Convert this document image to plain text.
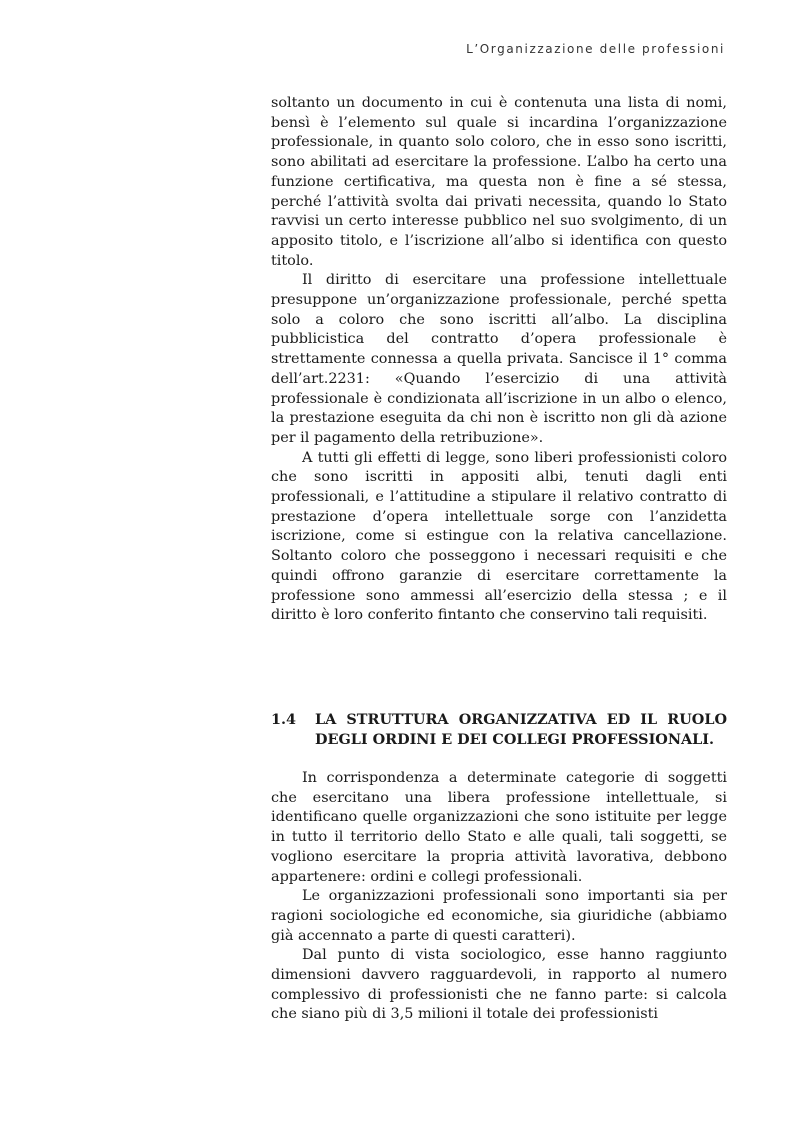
L’Organizzazione delle professioni

soltanto un documento in cui è contenuta una lista di nomi, bensì è l’elemento sul quale si incardina l’organizzazione professionale, in quanto solo coloro, che in esso sono iscritti, sono abilitati ad esercitare la professione. L’albo ha certo una funzione certificativa, ma questa non è fine a sé stessa, perché l’attività svolta dai privati necessita, quando lo Stato ravvisi un certo interesse pubblico nel suo svolgimento, di un apposito titolo, e l’iscrizione all’albo si identifica con questo titolo.

Il diritto di esercitare una professione intellettuale presuppone un’organizzazione professionale, perché spetta solo a coloro che sono iscritti all’albo. La disciplina pubblicistica del contratto d’opera professionale è strettamente connessa a quella privata. Sancisce il 1° comma dell’art.2231: «Quando l’esercizio di una attività professionale è condizionata all’iscrizione in un albo o elenco, la prestazione eseguita da chi non è iscritto non gli dà azione per il pagamento della retribuzione».

A tutti gli effetti di legge, sono liberi professionisti coloro che sono iscritti in appositi albi, tenuti dagli enti professionali, e l’attitudine a stipulare il relativo contratto di prestazione d’opera intellettuale sorge con l’anzidetta iscrizione, come si estingue con la relativa cancellazione. Soltanto coloro che posseggono i necessari requisiti e che quindi offrono garanzie di esercitare correttamente la professione sono ammessi all’esercizio della stessa ; e il diritto è loro conferito fintanto che conservino tali requisiti.

1.4 LA STRUTTURA ORGANIZZATIVA ED IL RUOLO DEGLI ORDINI E DEI COLLEGI PROFESSIONALI.

In corrispondenza a determinate categorie di soggetti che esercitano una libera professione intellettuale, si identificano quelle organizzazioni che sono istituite per legge in tutto il territorio dello Stato e alle quali, tali soggetti, se vogliono esercitare la propria attività lavorativa, debbono appartenere: ordini e collegi professionali.

Le organizzazioni professionali sono importanti sia per ragioni sociologiche ed economiche, sia giuridiche (abbiamo già accennato a parte di questi caratteri).

Dal punto di vista sociologico, esse hanno raggiunto dimensioni davvero ragguardevoli, in rapporto al numero complessivo di professionisti che ne fanno parte: si calcola che siano più di 3,5 milioni il totale dei professionisti
